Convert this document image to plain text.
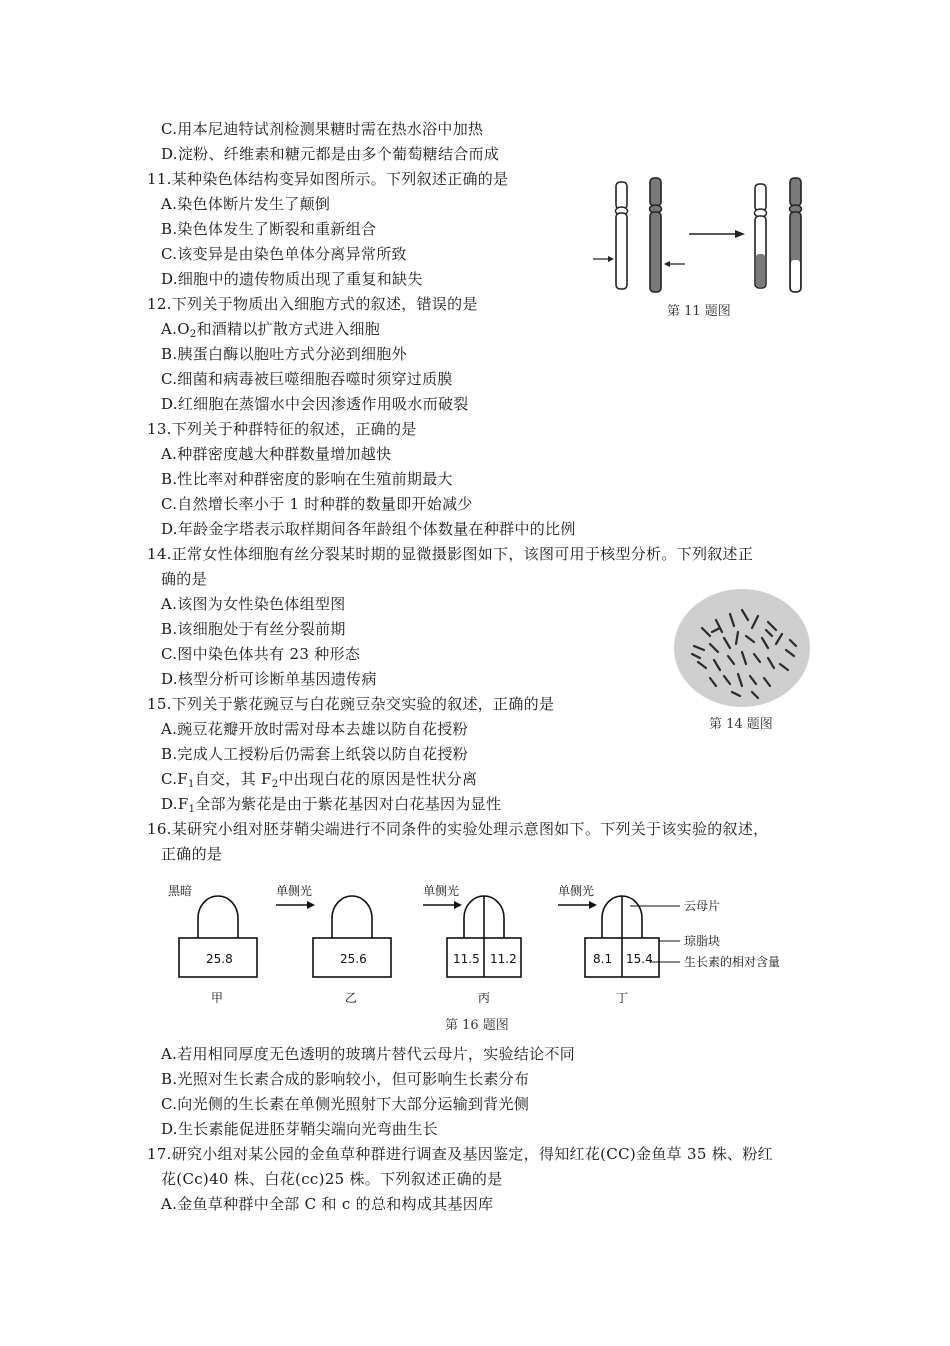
C.用本尼迪特试剂检测果糖时需在热水浴中加热
D.淀粉、纤维素和糖元都是由多个葡萄糖结合而成
11.某种染色体结构变异如图所示。下列叙述正确的是
A.染色体断片发生了颠倒
B.染色体发生了断裂和重新组合
C.该变异是由染色单体分离异常所致
D.细胞中的遗传物质出现了重复和缺失
第 11 题图
12.下列关于物质出入细胞方式的叙述，错误的是
$A.O_2$和酒精以扩散方式进入细胞
B.胰蛋白酶以胞吐方式分泌到细胞外
C.细菌和病毒被巨噬细胞吞噬时须穿过质膜
D.红细胞在蒸馏水中会因渗透作用吸水而破裂
13.下列关于种群特征的叙述，正确的是
A.种群密度越大种群数量增加越快
B.性比率对种群密度的影响在生殖前期最大
C.自然增长率小于 1 时种群的数量即开始减少
D.年龄金字塔表示取样期间各年龄组个体数量在种群中的比例
14.正常女性体细胞有丝分裂某时期的显微摄影图如下，该图可用于核型分析。下列叙述正
确的是
A.该图为女性染色体组型图
B.该细胞处于有丝分裂前期
C.图中染色体共有 23 种形态
D.核型分析可诊断单基因遗传病
第 14 题图
15.下列关于紫花豌豆与白花豌豆杂交实验的叙述，正确的是
A.豌豆花瓣开放时需对母本去雄以防自花授粉
B.完成人工授粉后仍需套上纸袋以防自花授粉
$C.F_1$自交，其 $F_2$中出现白花的原因是性状分离
$D.F_1$全部为紫花是由于紫花基因对白花基因为显性
16.某研究小组对胚芽鞘尖端进行不同条件的实验处理示意图如下。下列关于该实验的叙述，
正确的是
黑暗	单侧光	单侧光	单侧光
25.8	25.6	11.5 11.2	8.1 15.4
云母片
琼脂块
生长素的相对含量
甲	乙	丙	丁
第 16 题图
A.若用相同厚度无色透明的玻璃片替代云母片，实验结论不同
B.光照对生长素合成的影响较小，但可影响生长素分布
C.向光侧的生长素在单侧光照射下大部分运输到背光侧
D.生长素能促进胚芽鞘尖端向光弯曲生长
17.研究小组对某公园的金鱼草种群进行调查及基因鉴定，得知红花(CC)金鱼草 35 株、粉红
花(Cc)40 株、白花(cc)25 株。下列叙述正确的是
A.金鱼草种群中全部 C 和 c 的总和构成其基因库
